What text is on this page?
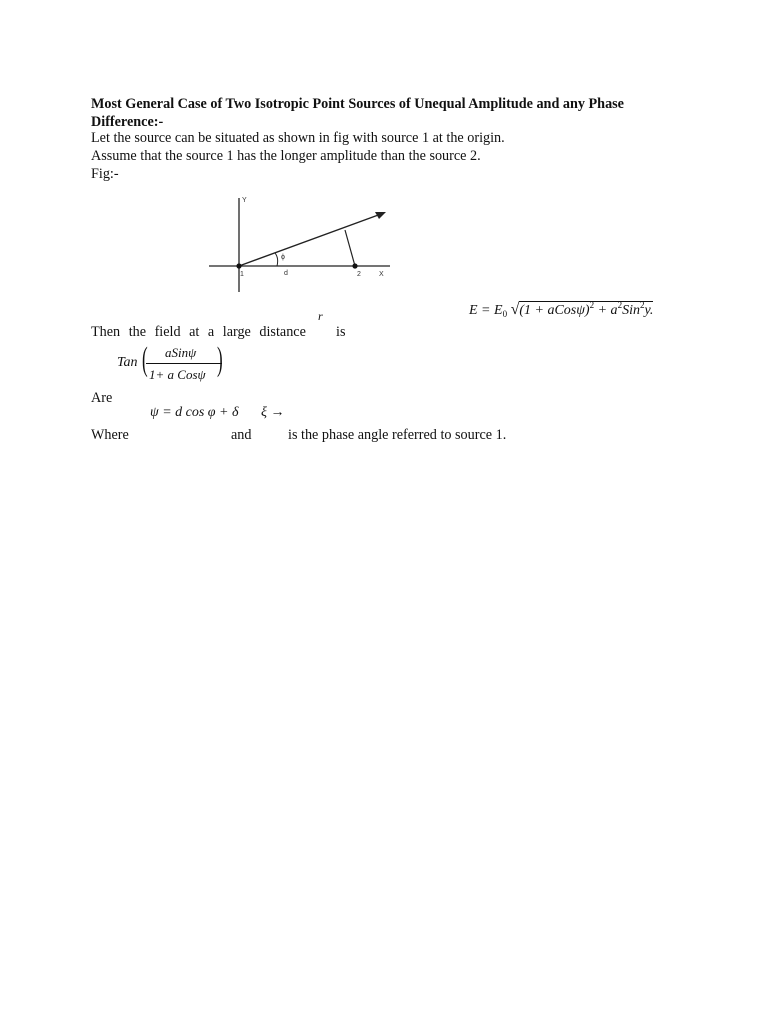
Most General Case of Two Isotropic Point Sources of Unequal Amplitude and any Phase
Difference:-
Let the source can be situated as shown in fig with source 1 at the origin.
Assume that the source 1 has the longer amplitude than the source 2.
Fig:-
Y
X
ϕ
1	d	2
$E = E_0$ √(1 + aCosψ)$^2$ + $a^2Sin^2y$.
Then the field at a large distance
r
is
Tan ( aSinψ
1+ a Cosψ )
Are
ψ = d cos φ + δ ξ →
Where	and	is the phase angle referred to source 1.
